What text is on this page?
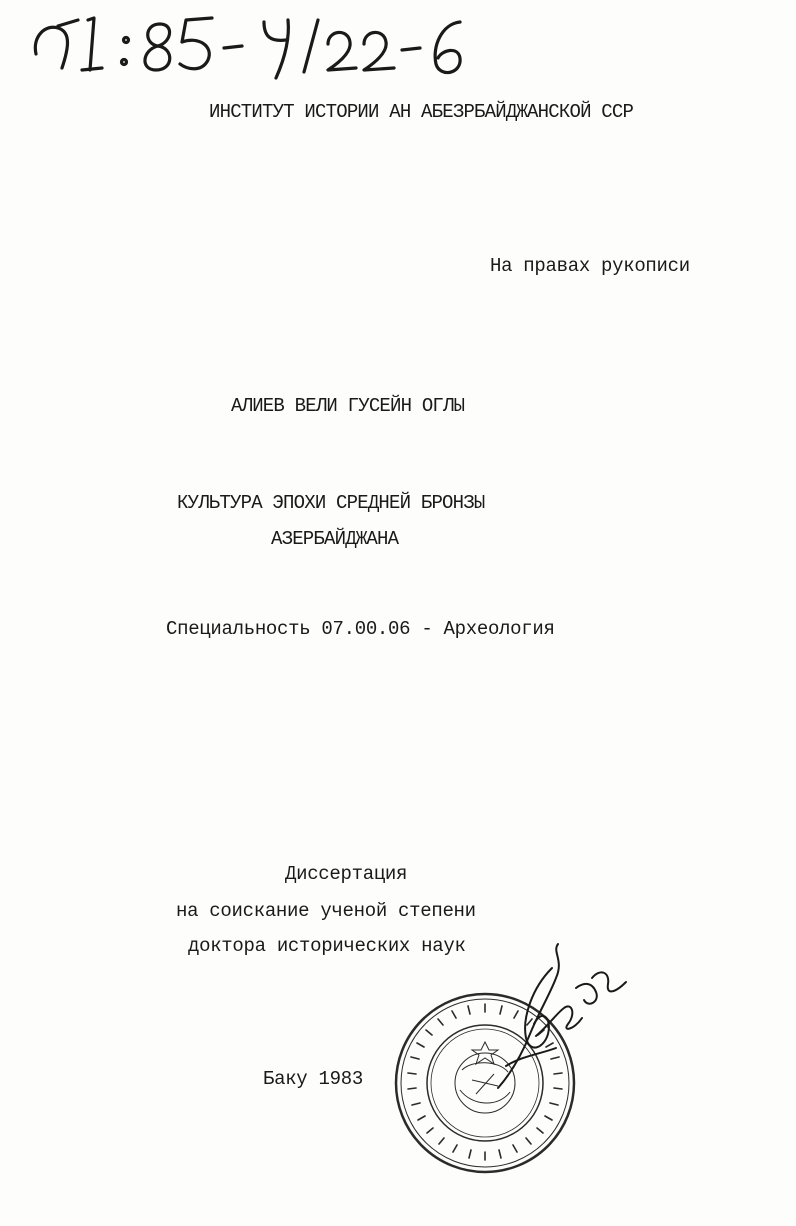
ИНСТИТУТ ИСТОРИИ АН АБЕЗРБАЙДЖАНСКОЙ ССР
На правах рукописи
АЛИЕВ ВЕЛИ ГУСЕЙН ОГЛЫ
КУЛЬТУРА ЭПОХИ СРЕДНЕЙ БРОНЗЫ
АЗЕРБАЙДЖАНА
Специальность 07.00.06 - Археология
Диссертация
на соискание ученой степени
доктора исторических наук
Баку 1983
